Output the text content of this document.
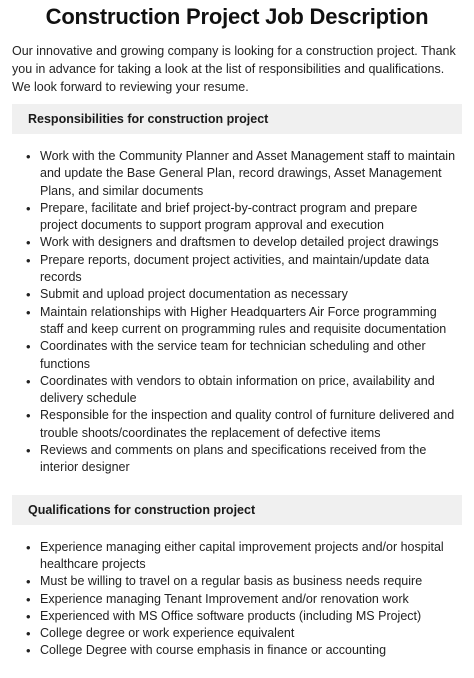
Construction Project Job Description

Our innovative and growing company is looking for a construction project. Thank you in advance for taking a look at the list of responsibilities and qualifications. We look forward to reviewing your resume.

Responsibilities for construction project
• Work with the Community Planner and Asset Management staff to maintain and update the Base General Plan, record drawings, Asset Management Plans, and similar documents
• Prepare, facilitate and brief project-by-contract program and prepare project documents to support program approval and execution
• Work with designers and draftsmen to develop detailed project drawings
• Prepare reports, document project activities, and maintain/update data records
• Submit and upload project documentation as necessary
• Maintain relationships with Higher Headquarters Air Force programming staff and keep current on programming rules and requisite documentation
• Coordinates with the service team for technician scheduling and other functions
• Coordinates with vendors to obtain information on price, availability and delivery schedule
• Responsible for the inspection and quality control of furniture delivered and trouble shoots/coordinates the replacement of defective items
• Reviews and comments on plans and specifications received from the interior designer
Qualifications for construction project
• Experience managing either capital improvement projects and/or hospital healthcare projects
• Must be willing to travel on a regular basis as business needs require
• Experience managing Tenant Improvement and/or renovation work
• Experienced with MS Office software products (including MS Project)
• College degree or work experience equivalent
• College Degree with course emphasis in finance or accounting
